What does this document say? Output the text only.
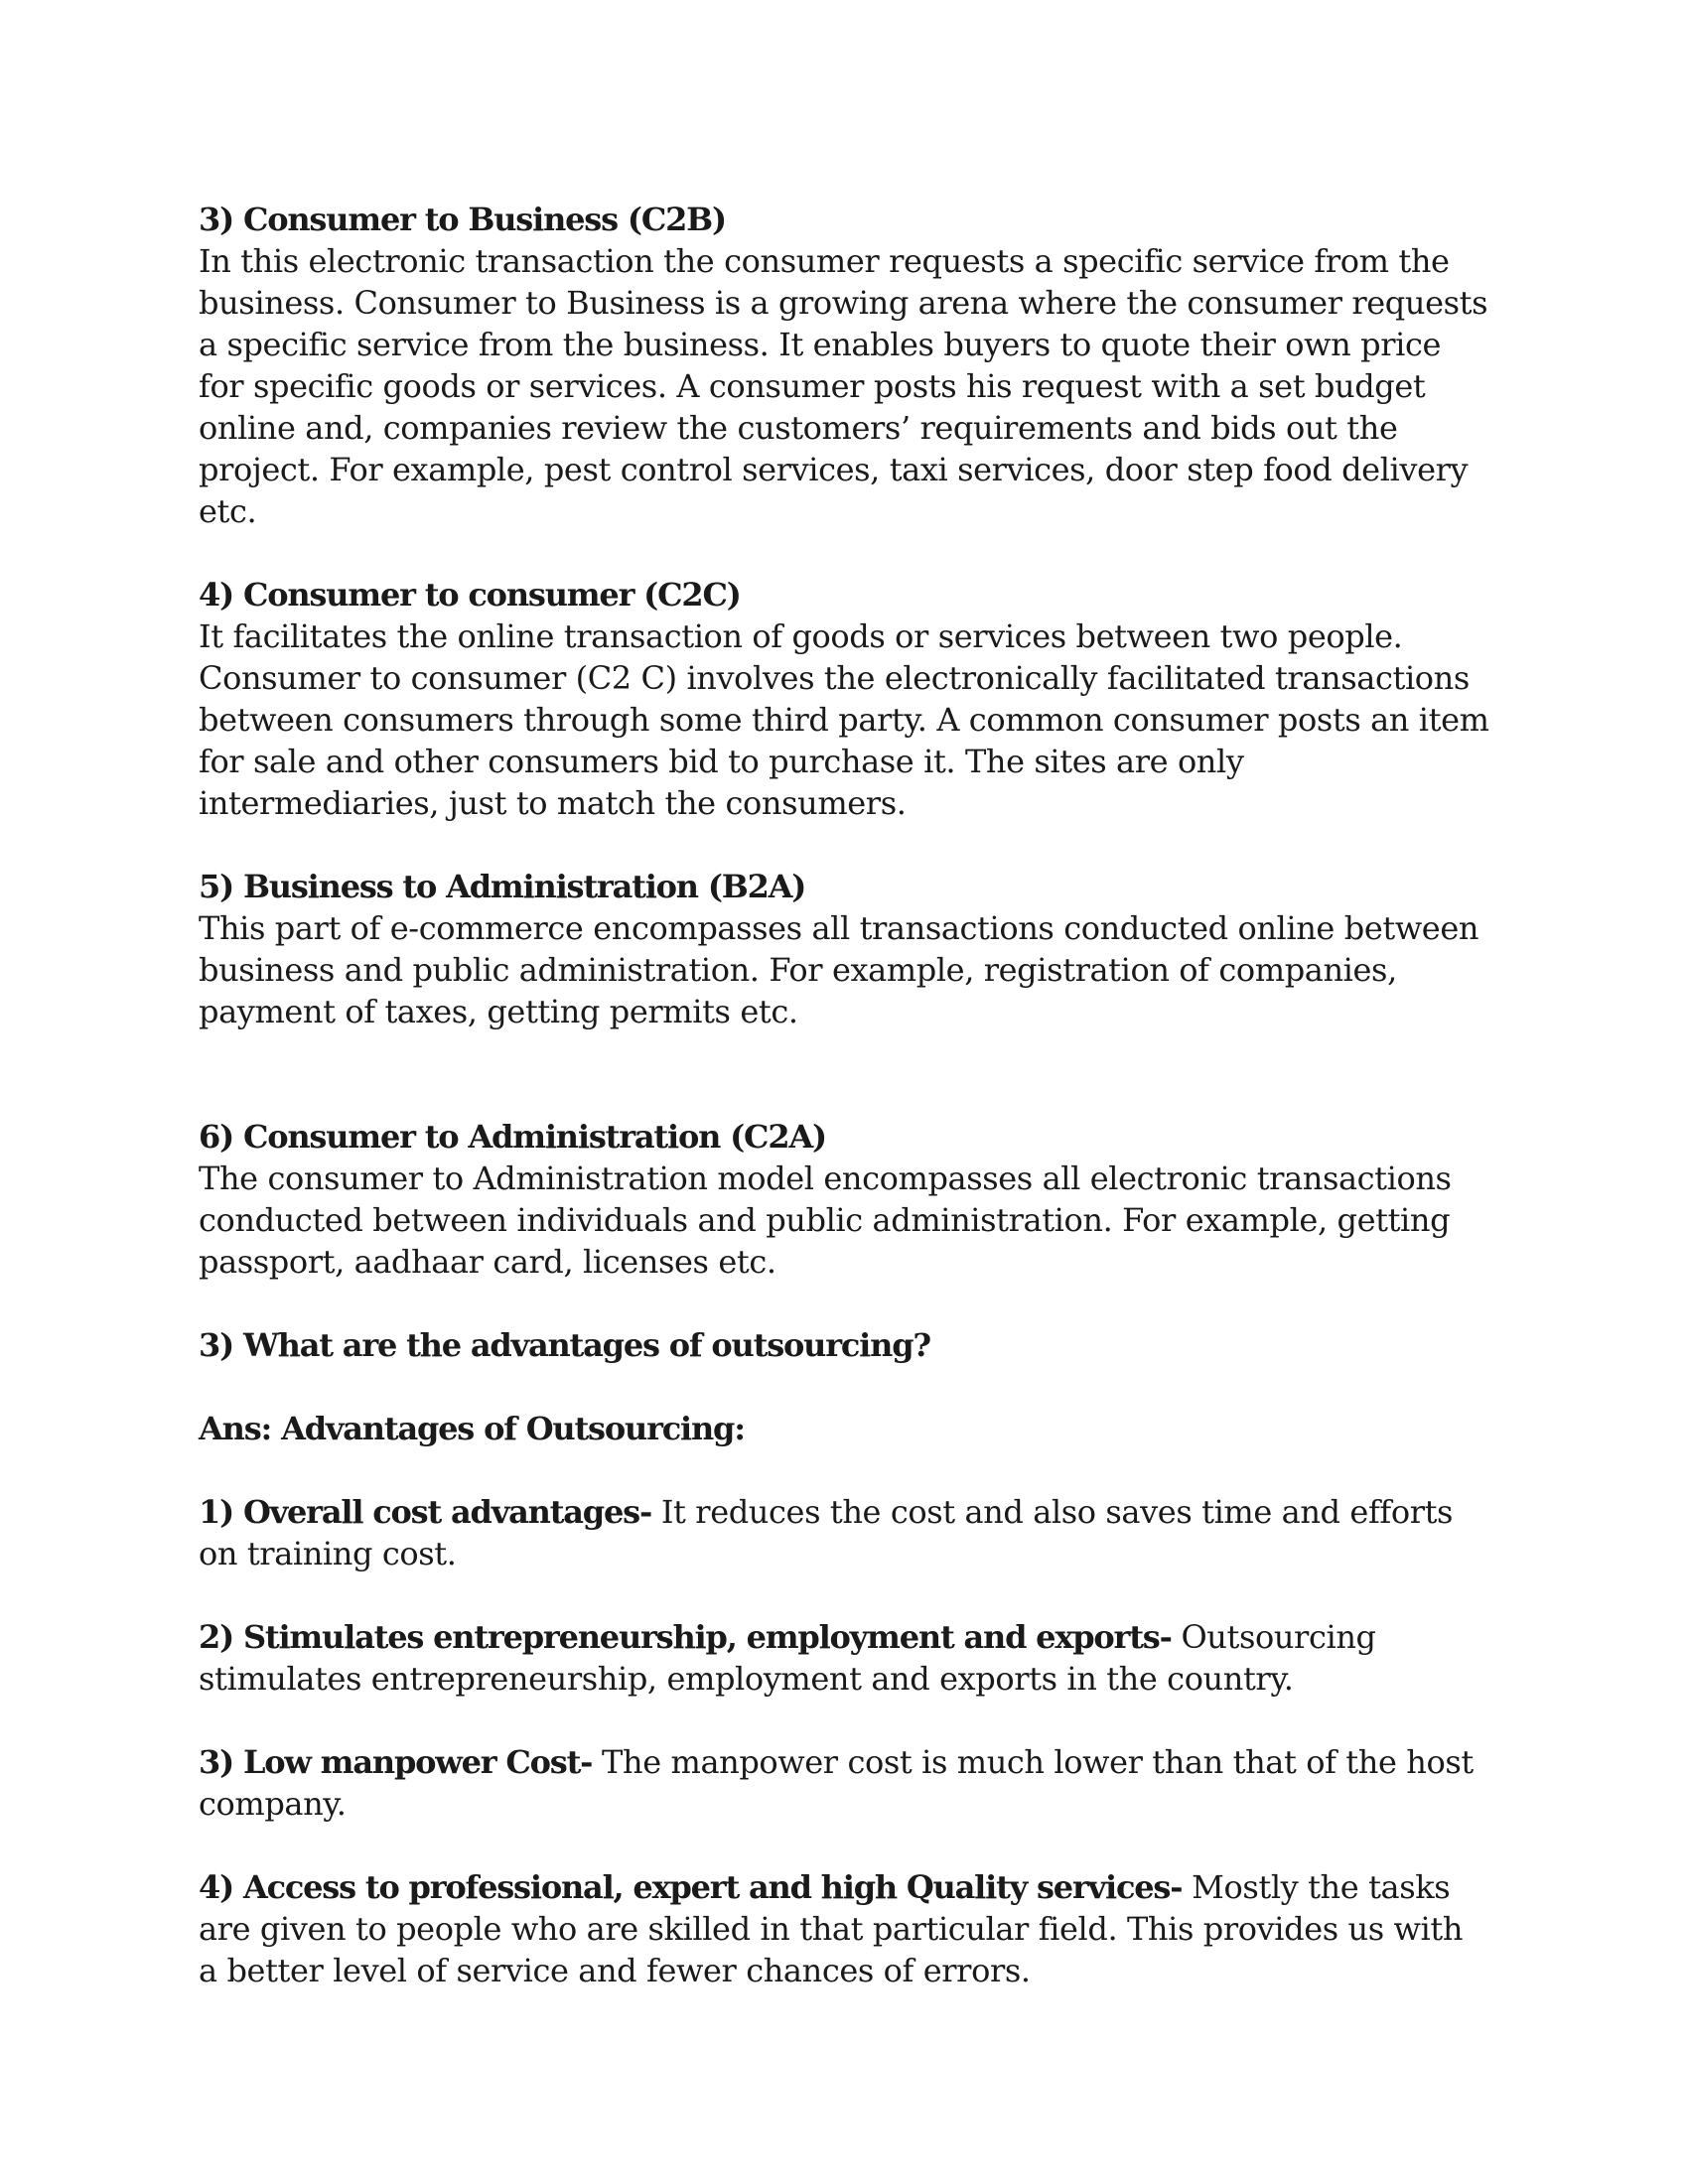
3) Consumer to Business (C2B)

In this electronic transaction the consumer requests a specific service from the business. Consumer to Business is a growing arena where the consumer requests a specific service from the business. It enables buyers to quote their own price for specific goods or services. A consumer posts his request with a set budget online and, companies review the customers’ requirements and bids out the project. For example, pest control services, taxi services, door step food delivery etc.

4) Consumer to consumer (C2C)

It facilitates the online transaction of goods or services between two people. Consumer to consumer (C2 C) involves the electronically facilitated transactions between consumers through some third party. A common consumer posts an item for sale and other consumers bid to purchase it. The sites are only intermediaries, just to match the consumers.

5) Business to Administration (B2A)

This part of e-commerce encompasses all transactions conducted online between business and public administration. For example, registration of companies, payment of taxes, getting permits etc.

6) Consumer to Administration (C2A)

The consumer to Administration model encompasses all electronic transactions conducted between individuals and public administration. For example, getting passport, aadhaar card, licenses etc.

3) What are the advantages of outsourcing?

Ans: Advantages of Outsourcing:

1) Overall cost advantages- It reduces the cost and also saves time and efforts on training cost.

2) Stimulates entrepreneurship, employment and exports- Outsourcing stimulates entrepreneurship, employment and exports in the country.

3) Low manpower Cost- The manpower cost is much lower than that of the host company.

4) Access to professional, expert and high Quality services- Mostly the tasks are given to people who are skilled in that particular field. This provides us with a better level of service and fewer chances of errors.
